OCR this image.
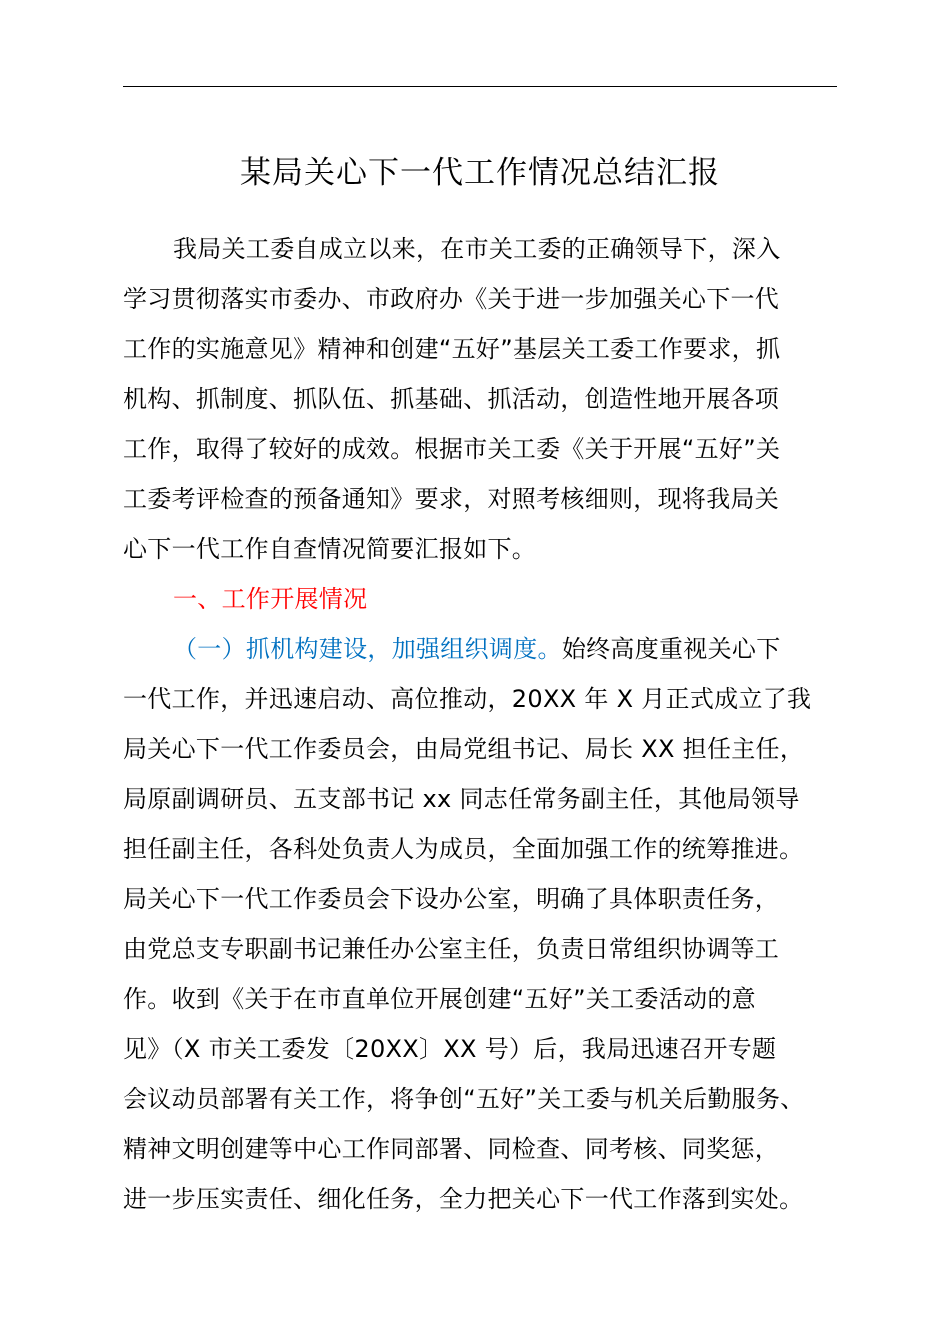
某局关心下一代工作情况总结汇报
我局关工委自成立以来，在市关工委的正确领导下，深入
学习贯彻落实市委办、市政府办《关于进一步加强关心下一代
工作的实施意见》精神和创建“五好”基层关工委工作要求，抓
机构、抓制度、抓队伍、抓基础、抓活动，创造性地开展各项
工作，取得了较好的成效。根据市关工委《关于开展“五好”关
工委考评检查的预备通知》要求，对照考核细则，现将我局关
心下一代工作自查情况简要汇报如下。
一、工作开展情况
（一）抓机构建设，加强组织调度。始终高度重视关心下
一代工作，并迅速启动、高位推动，20XX 年 X 月正式成立了我
局关心下一代工作委员会，由局党组书记、局长 XX 担任主任，
局原副调研员、五支部书记 xx 同志任常务副主任，其他局领导
担任副主任，各科处负责人为成员，全面加强工作的统筹推进。
局关心下一代工作委员会下设办公室，明确了具体职责任务，
由党总支专职副书记兼任办公室主任，负责日常组织协调等工
作。收到《关于在市直单位开展创建“五好”关工委活动的意
见》（X 市关工委发〔20XX〕XX 号）后，我局迅速召开专题
会议动员部署有关工作，将争创“五好”关工委与机关后勤服务、
精神文明创建等中心工作同部署、同检查、同考核、同奖惩，
进一步压实责任、细化任务，全力把关心下一代工作落到实处。
